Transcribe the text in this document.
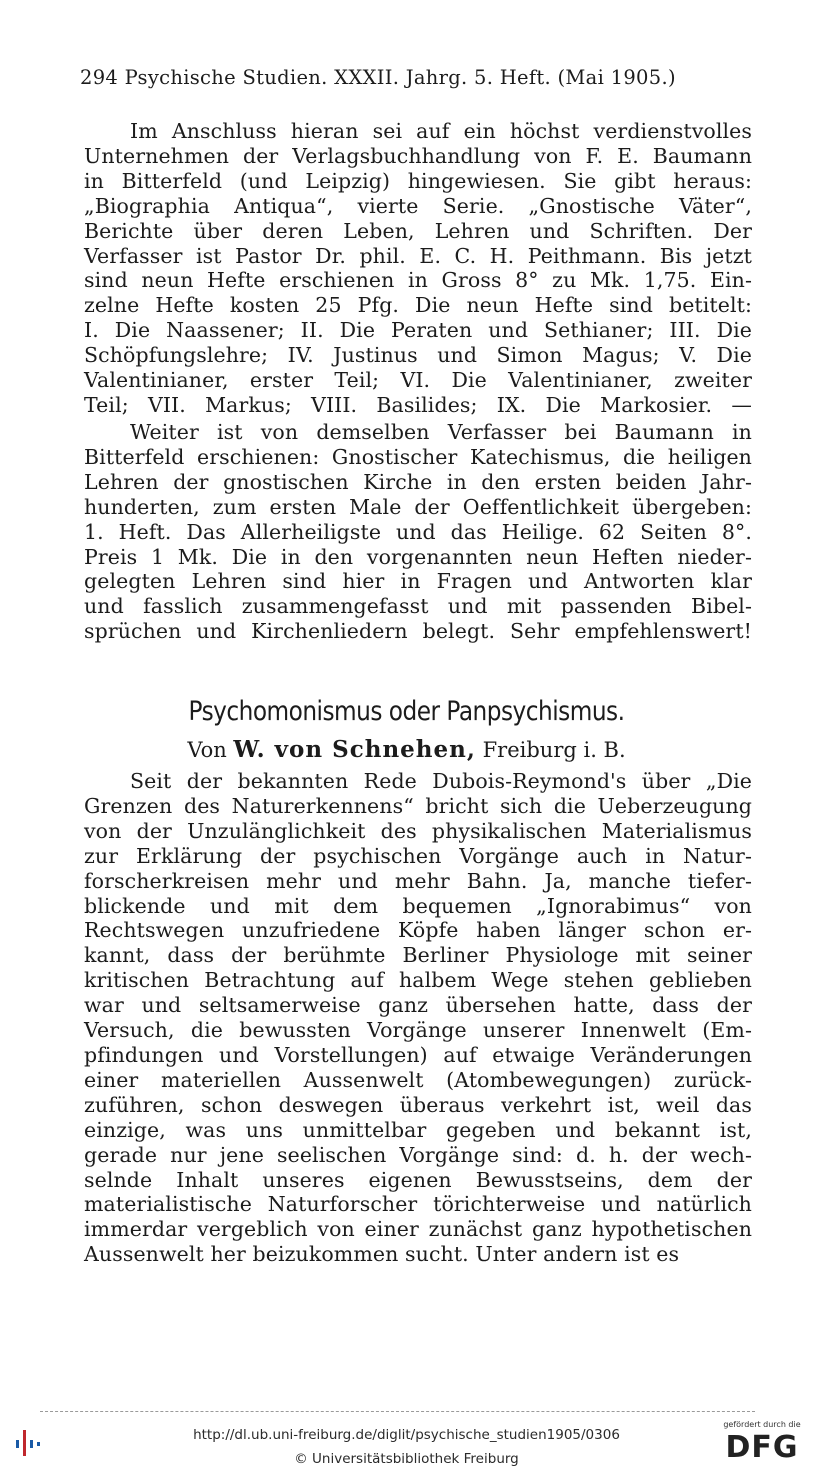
294 Psychische Studien. XXXII. Jahrg. 5. Heft. (Mai 1905.)
Im Anschluss hieran sei auf ein höchst verdienstvolles
Unternehmen der Verlagsbuchhandlung von F. E. Baumann
in Bitterfeld (und Leipzig) hingewiesen. Sie gibt heraus:
„Biographia Antiqua“, vierte Serie. „Gnostische Väter“,
Berichte über deren Leben, Lehren und Schriften. Der
Verfasser ist Pastor Dr. phil. E. C. H. Peithmann. Bis jetzt
sind neun Hefte erschienen in Gross 8° zu Mk. 1,75. Ein-
zelne Hefte kosten 25 Pfg. Die neun Hefte sind betitelt:
I. Die Naassener; II. Die Peraten und Sethianer; III. Die
Schöpfungslehre; IV. Justinus und Simon Magus; V. Die
Valentinianer, erster Teil; VI. Die Valentinianer, zweiter
Teil; VII. Markus; VIII. Basilides; IX. Die Markosier. —
Weiter ist von demselben Verfasser bei Baumann in
Bitterfeld erschienen: Gnostischer Katechismus, die heiligen
Lehren der gnostischen Kirche in den ersten beiden Jahr-
hunderten, zum ersten Male der Oeffentlichkeit übergeben:
1. Heft. Das Allerheiligste und das Heilige. 62 Seiten 8°.
Preis 1 Mk. Die in den vorgenannten neun Heften nieder-
gelegten Lehren sind hier in Fragen und Antworten klar
und fasslich zusammengefasst und mit passenden Bibel-
sprüchen und Kirchenliedern belegt. Sehr empfehlenswert!
Psychomonismus oder Panpsychismus.
Von W. von Schnehen, Freiburg i. B.
Seit der bekannten Rede Dubois-Reymond's über „Die
Grenzen des Naturerkennens“ bricht sich die Ueberzeugung
von der Unzulänglichkeit des physikalischen Materialismus
zur Erklärung der psychischen Vorgänge auch in Natur-
forscherkreisen mehr und mehr Bahn. Ja, manche tiefer-
blickende und mit dem bequemen „Ignorabimus“ von
Rechtswegen unzufriedene Köpfe haben länger schon er-
kannt, dass der berühmte Berliner Physiologe mit seiner
kritischen Betrachtung auf halbem Wege stehen geblieben
war und seltsamerweise ganz übersehen hatte, dass der
Versuch, die bewussten Vorgänge unserer Innenwelt (Em-
pfindungen und Vorstellungen) auf etwaige Veränderungen
einer materiellen Aussenwelt (Atombewegungen) zurück-
zuführen, schon deswegen überaus verkehrt ist, weil das
einzige, was uns unmittelbar gegeben und bekannt ist,
gerade nur jene seelischen Vorgänge sind: d. h. der wech-
selnde Inhalt unseres eigenen Bewusstseins, dem der
materialistische Naturforscher törichterweise und natürlich
immerdar vergeblich von einer zunächst ganz hypothetischen
Aussenwelt her beizukommen sucht. Unter andern ist es
http://dl.ub.uni-freiburg.de/diglit/psychische_studien1905/0306
© Universitätsbibliothek Freiburg
gefördert durch die
DFG
